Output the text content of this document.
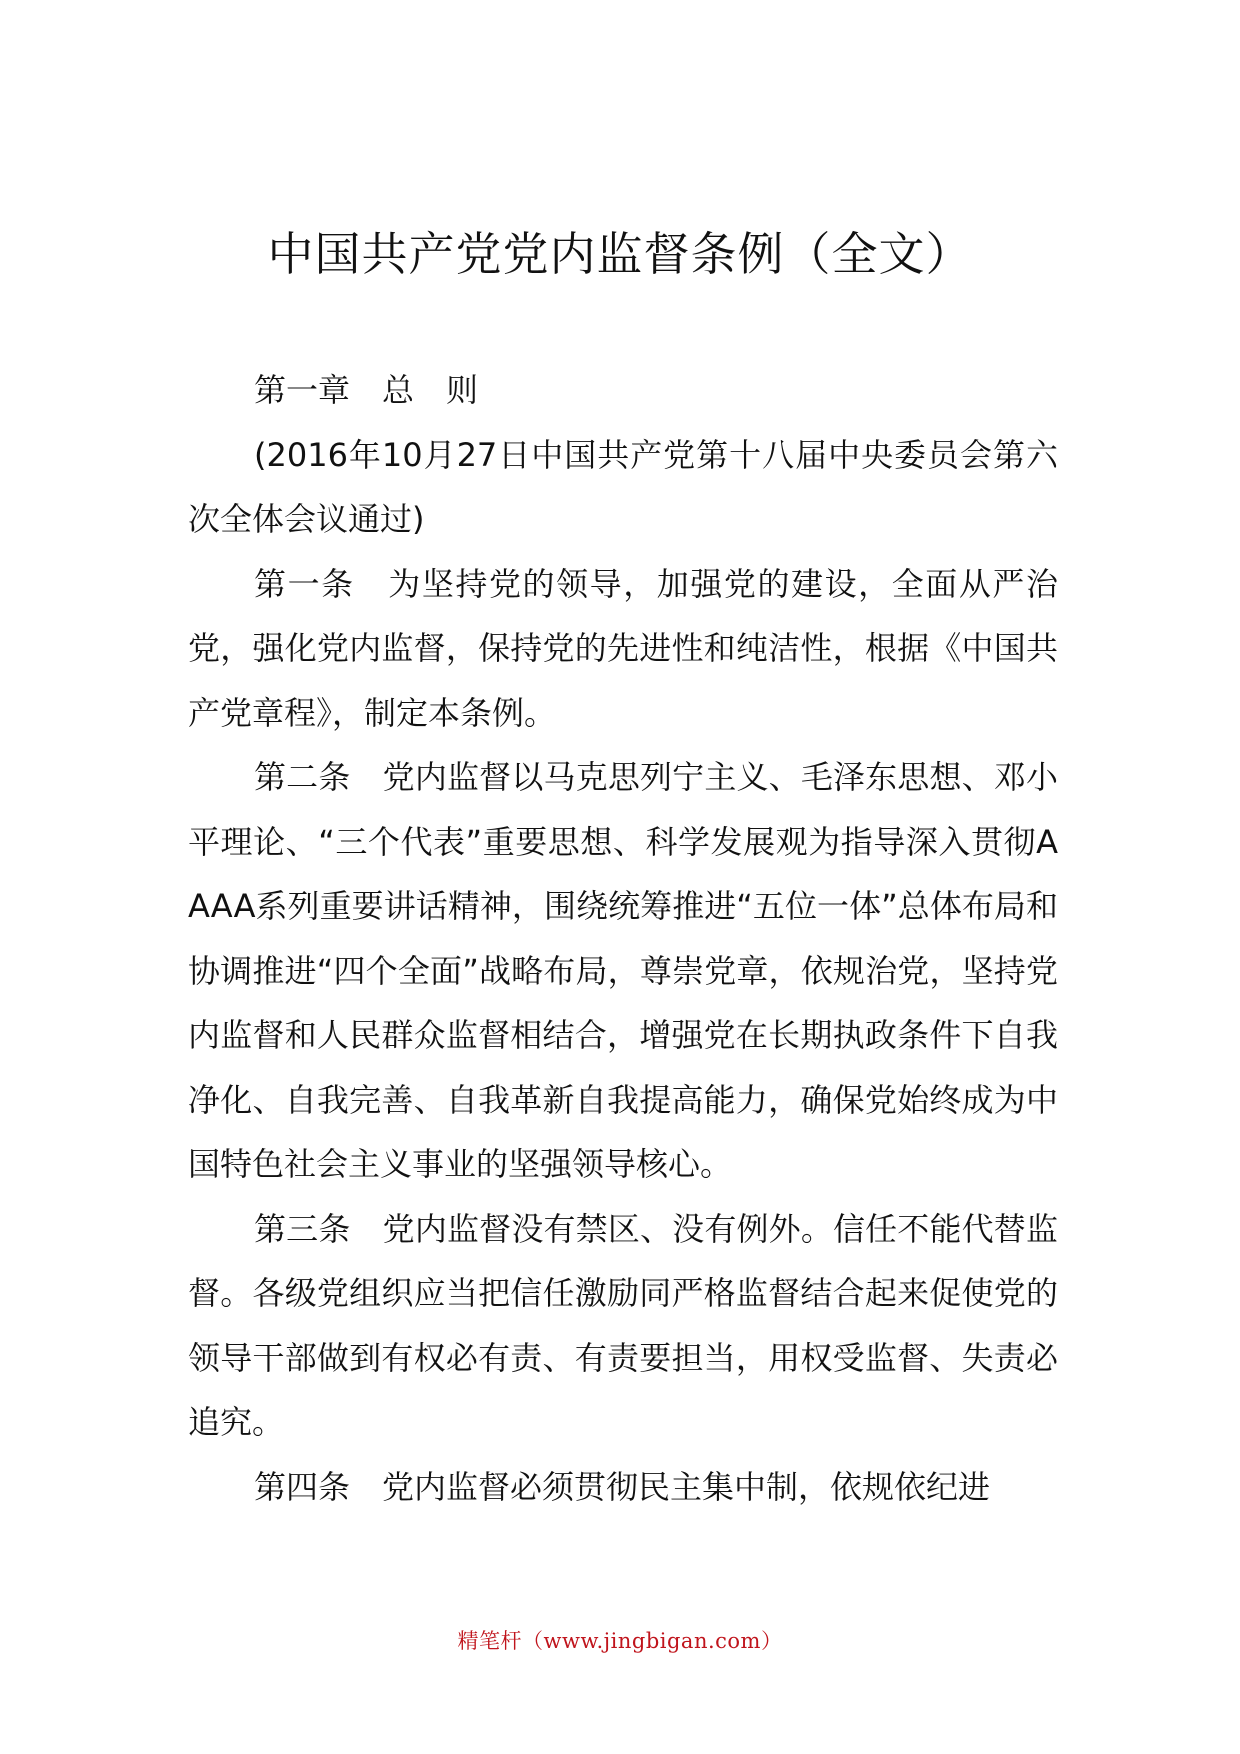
中国共产党党内监督条例（全文）

第一章　总　则

(2016年10月27日中国共产党第十八届中央委员会第六次全体会议通过)

第一条　 为坚持党的领导，加强党的建设，全面从严治党，强化党内监督，保持党的先进性和纯洁性，根据《中国共产党章程》，制定本条例。

第二条　 党内监督以马克思列宁主义、毛泽东思想、邓小平理论、“三个代表”重要思想、科学发展观为指导深入贯彻AAAA系列重要讲话精神，围绕统筹推进“五位一体”总体布局和协调推进“四个全面”战略布局，尊崇党章，依规治党，坚持党内监督和人民群众监督相结合，增强党在长期执政条件下自我净化、自我完善、自我革新自我提高能力，确保党始终成为中国特色社会主义事业的坚强领导核心。

第三条　 党内监督没有禁区、没有例外。信任不能代替监督。各级党组织应当把信任激励同严格监督结合起来促使党的领导干部做到有权必有责、有责要担当，用权受监督、失责必追究。

第四条　 党内监督必须贯彻民主集中制，依规依纪进

精笔杆（www.jingbigan.com）
